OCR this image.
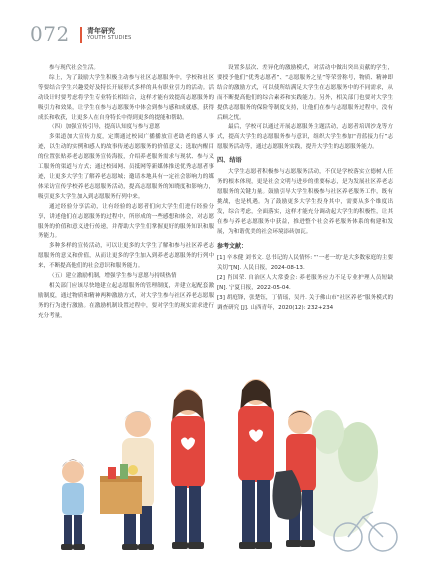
072 青年研究
YOUTH STUDIES

参与现代社会生活。

综上，为了鼓励大学生积极主动参与社区志愿服务中，学校和社区等要结合学生兴趣爱好及特长开展形式多样的具有职业引力的活动。活动设计时要考虑将学生专业特长相结合，这样才能有效提高志愿服务的吸引力和效果，让学生在参与志愿服务中体会到参与感和成就感，获得成长和收获，让更多人在自身特长中得到更多的提能和帮助。

（四）加强宣传引导，提高认知度与参与意愿

多渠道加大宣传力度，定期通过校园广播播放宣老助老的感人事迹，以生动的实例和感人的故事传递志愿服务的价值意义；选取内醒目的位置张贴养老志愿服务宣传海报，介绍养老服务需求与现状、参与义工服务的渠道与方式；通过校园网、员抵网等新媒体推送优秀志愿者事迹，让更多大学生了解养老志愿城；邀请本地具有一定社会影响力的媒体采访宣传学校养老志愿服务活动，提高志愿服务的知晓度和影响力，吸引更多大学生加入到志愿服务行列中来。

通过经验分享活动，让有经验的志愿者们向大学生们进行经验分享，讲述他们在志愿服务的过程中，所形成的一些感想和体会，对志愿服务的价值和意义进行传递，并帮助大学生们掌握更好的服务知识和服务能力。

多种多样的宣传活动，可以让更多的大学生了解和参与社区养老志愿服务的意义和价值，从而让更多的学生加入到养老志愿服务的行列中来，不断提高他们的社会意识和服务能力。

（五）建立激励机制，增强学生参与意愿与持续热情

相关部门应该尽快地建立起志愿服务的管理制度，并建立起配套激励制度，通过物质和精神两种激励方式，对大学生参与社区养老志愿服务的行为进行激励。在激励机制设置过程中，要对学生的现实需求进行充分考量，

设置多层次、差异化的激励模式，对活动中做出突出贡献的学生，要授予他们“优秀志愿者”、“志愿服务之星”等荣誉称号，物质、精神即结合的激励方式，可以使所结满足大学生在志愿服务中的不同需求，从而不断提高他们的综合素养和实践能力。另外，相关部门也要对大学生提供志愿服务的保险等制度支持，让他们在参与志愿服务过程中，没有后顾之忧。

最后，学校可以通过开展志愿服务主题活动，志愿者培训沙龙等方式，提高大学生的志愿服务参与意识，组织大学生参加“青蓝接力行”志愿服务活动等，通过志愿服务实践，提升大学生的志愿服务能力。

四、结语

大学生志愿者积极参与志愿服务活动，不仅是学校落实立德树人任务的根本体现，更是社会文明与进步的重要标志，是为发展社区养老志愿服务的关键力量。鼓励引导大学生积极参与社区养老服务工作，既有挑战，也是机遇。为了鼓励更多大学生投身其中，需要从多个维度出发，综合考虑，全面落实，这样才能充分调动起大学生的积极性，让其在参与养老志愿服务中获益，推进整个社会养老服务体系的构建和发展，为和谐优美的社会环境添砖加瓦。

参考文献：

[1] 辛本健 刘书文. 总书记的人民情怀: “‘一老一幼’是大多数家庭的主要关切”[N]. 人民日报，2024-08-13.

[2] 肖国荣. 自治区人大常委会: 养老服务应力不足专业护理人员短缺 [N]. 宁夏日报，2022-05-04.

[3] 胡庭锋，张楚钰，丁倩瑶，吴丹. 关于佛山市“社区养老”服务模式的调查研究 [J]. 山西青年，2020(12): 232+234
